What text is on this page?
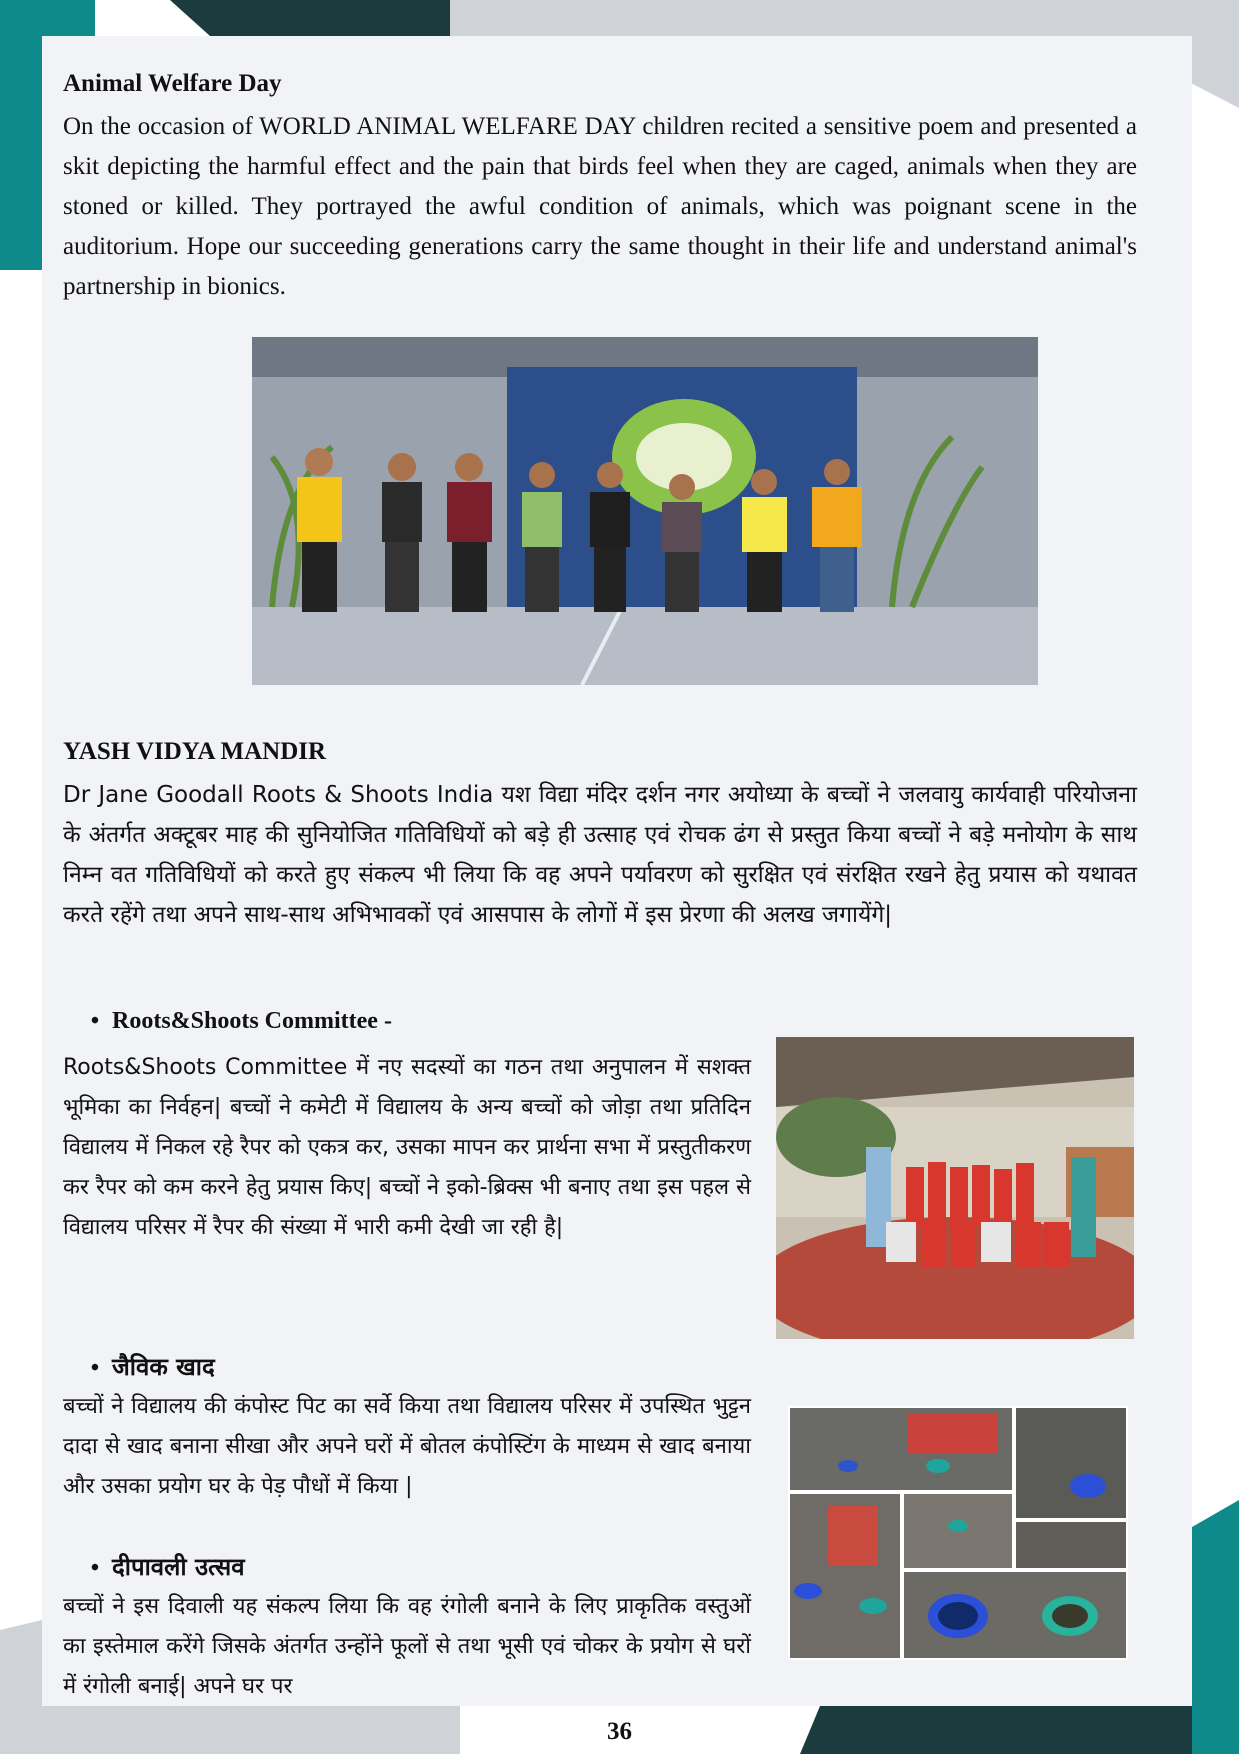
Animal Welfare Day
On the occasion of WORLD ANIMAL WELFARE DAY children recited a sensitive poem and presented a skit depicting the harmful effect and the pain that birds feel when they are caged, animals when they are stoned or killed. They portrayed the awful condition of animals, which was poignant scene in the auditorium. Hope our succeeding generations carry the same thought in their life and understand animal's partnership in bionics.
YASH VIDYA MANDIR
Dr Jane Goodall Roots & Shoots India यश विद्या मंदिर दर्शन नगर अयोध्या के बच्चों ने जलवायु कार्यवाही परियोजना के अंतर्गत अक्टूबर माह की सुनियोजित गतिविधियों को बड़े ही उत्साह एवं रोचक ढंग से प्रस्तुत किया बच्चों ने बड़े मनोयोग के साथ निम्न वत गतिविधियों को करते हुए संकल्प भी लिया कि वह अपने पर्यावरण को सुरक्षित एवं संरक्षित रखने हेतु प्रयास को यथावत करते रहेंगे तथा अपने साथ-साथ अभिभावकों एवं आसपास के लोगों में इस प्रेरणा की अलख जगायेंगे|
• Roots&Shoots Committee -
Roots&Shoots Committee में नए सदस्यों का गठन तथा अनुपालन में सशक्त भूमिका का निर्वहन| बच्चों ने कमेटी में विद्यालय के अन्य बच्चों को जोड़ा तथा प्रतिदिन विद्यालय में निकल रहे रैपर को एकत्र कर, उसका मापन कर प्रार्थना सभा में प्रस्तुतीकरण कर रैपर को कम करने हेतु प्रयास किए| बच्चों ने इको-ब्रिक्स भी बनाए तथा इस पहल से विद्यालय परिसर में रैपर की संख्या में भारी कमी देखी जा रही है|
• जैविक खाद
बच्चों ने विद्यालय की कंपोस्ट पिट का सर्वे किया तथा विद्यालय परिसर में उपस्थित भुट्टन दादा से खाद बनाना सीखा और अपने घरों में बोतल कंपोस्टिंग के माध्यम से खाद बनाया और उसका प्रयोग घर के पेड़ पौधों में किया |
• दीपावली उत्सव
बच्चों ने इस दिवाली यह संकल्प लिया कि वह रंगोली बनाने के लिए प्राकृतिक वस्तुओं का इस्तेमाल करेंगे जिसके अंतर्गत उन्होंने फूलों से तथा भूसी एवं चोकर के प्रयोग से घरों में रंगोली बनाई| अपने घर पर
36
